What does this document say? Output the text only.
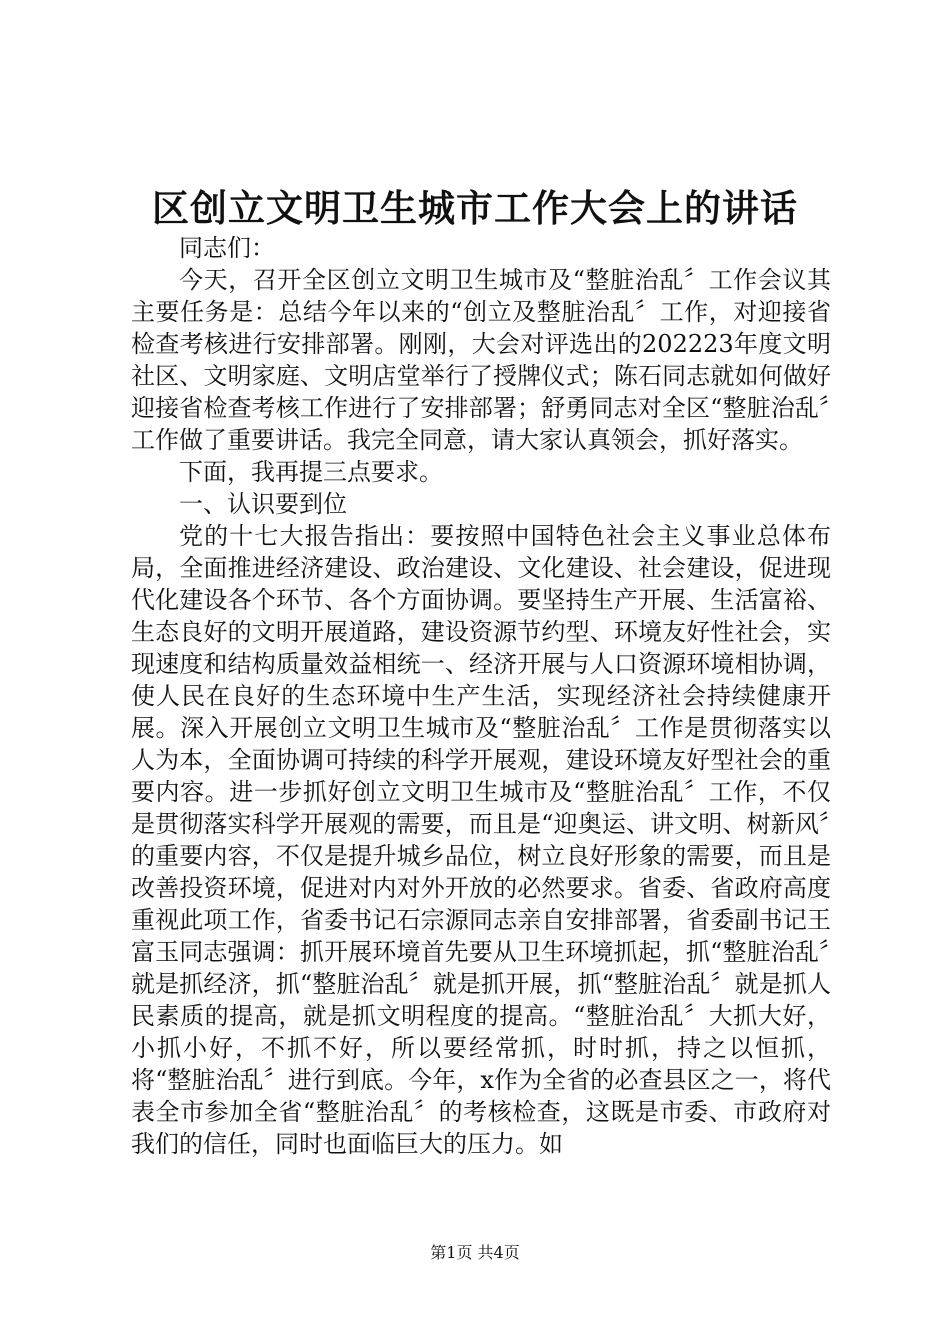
区创立文明卫生城市工作大会上的讲话

同志们：

今天，召开全区创立文明卫生城市及“整脏治乱〞工作会议其主要任务是：总结今年以来的“创立及整脏治乱〞工作，对迎接省检查考核进行安排部署。刚刚，大会对评选出的202223年度文明社区、文明家庭、文明店堂举行了授牌仪式；陈石同志就如何做好迎接省检查考核工作进行了安排部署；舒勇同志对全区“整脏治乱〞工作做了重要讲话。我完全同意，请大家认真领会，抓好落实。

下面，我再提三点要求。

一、认识要到位

党的十七大报告指出：要按照中国特色社会主义事业总体布局，全面推进经济建设、政治建设、文化建设、社会建设，促进现代化建设各个环节、各个方面协调。要坚持生产开展、生活富裕、生态良好的文明开展道路，建设资源节约型、环境友好性社会，实现速度和结构质量效益相统一、经济开展与人口资源环境相协调，使人民在良好的生态环境中生产生活，实现经济社会持续健康开展。深入开展创立文明卫生城市及“整脏治乱〞工作是贯彻落实以人为本，全面协调可持续的科学开展观，建设环境友好型社会的重要内容。进一步抓好创立文明卫生城市及“整脏治乱〞工作，不仅是贯彻落实科学开展观的需要，而且是“迎奥运、讲文明、树新风〞的重要内容，不仅是提升城乡品位，树立良好形象的需要，而且是改善投资环境，促进对内对外开放的必然要求。省委、省政府高度重视此项工作，省委书记石宗源同志亲自安排部署，省委副书记王富玉同志强调：抓开展环境首先要从卫生环境抓起，抓“整脏治乱〞就是抓经济，抓“整脏治乱〞就是抓开展，抓“整脏治乱〞就是抓人民素质的提高，就是抓文明程度的提高。“整脏治乱〞大抓大好，小抓小好，不抓不好，所以要经常抓，时时抓，持之以恒抓，将“整脏治乱〞进行到底。今年，x作为全省的必查县区之一，将代表全市参加全省“整脏治乱〞的考核检查，这既是市委、市政府对我们的信任，同时也面临巨大的压力。如

第1页 共4页
